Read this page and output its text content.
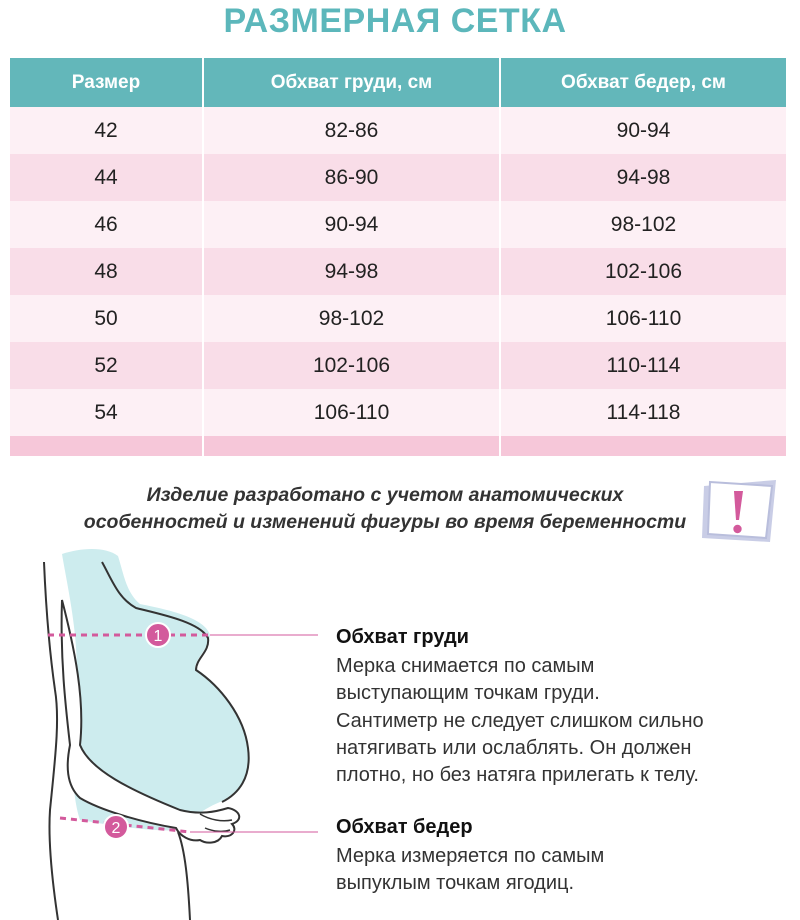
РАЗМЕРНАЯ СЕТКА
Размер	Обхват груди, см	Обхват бедер, см
42	82-86	90-94
44	86-90	94-98
46	90-94	98-102
48	94-98	102-106
50	98-102	106-110
52	102-106	110-114
54	106-110	114-118

Изделие разработано с учетом анатомических
особенностей и изменений фигуры во время беременности
1
2
Обхват груди
Мерка снимается по самым
выступающим точкам груди.
Сантиметр не следует слишком сильно
натягивать или ослаблять. Он должен
плотно, но без натяга прилегать к телу.
Обхват бедер
Мерка измеряется по самым
выпуклым точкам ягодиц.
